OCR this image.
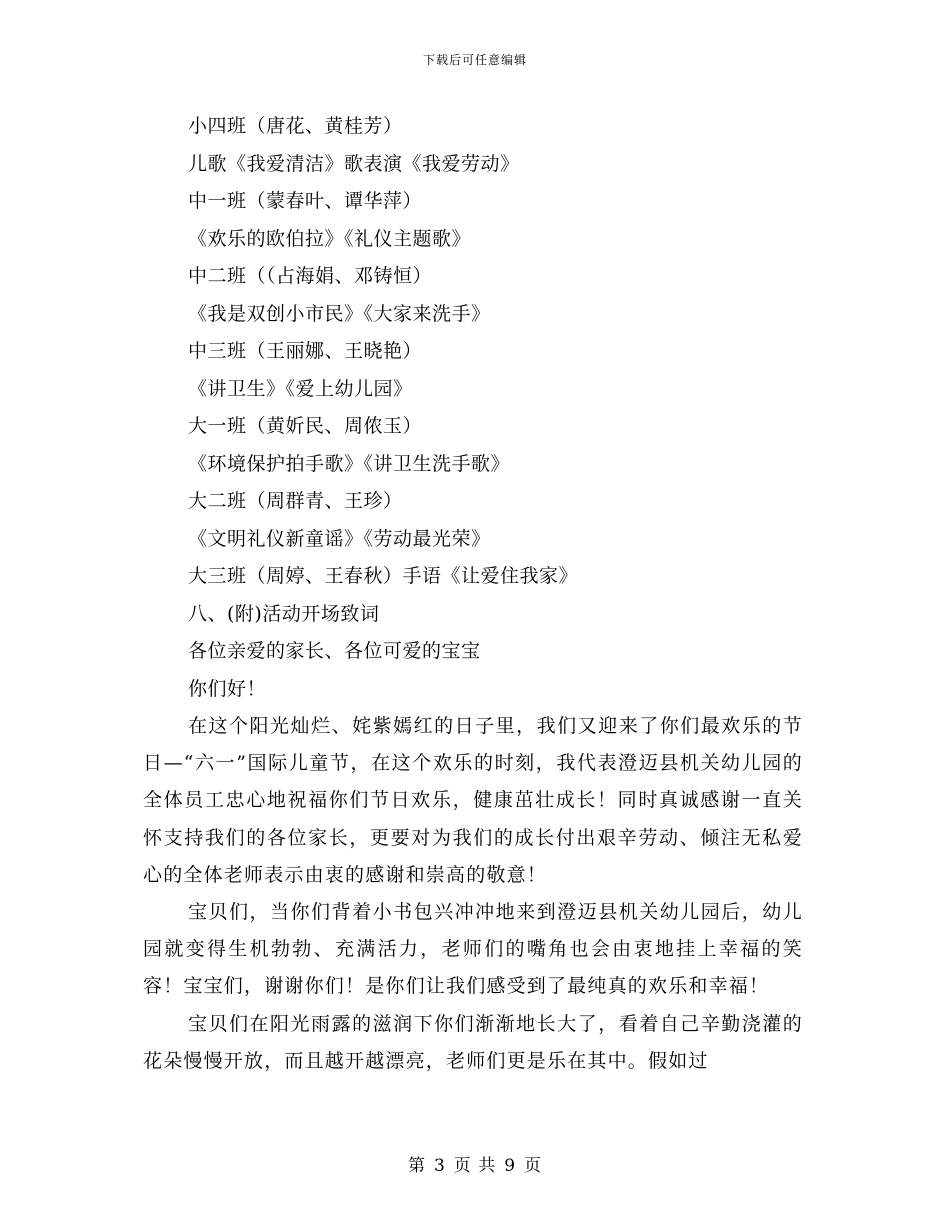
下载后可任意编辑
小四班（唐花、黄桂芳）
儿歌《我爱清洁》歌表演《我爱劳动》
中一班（蒙春叶、谭华萍）
《欢乐的欧伯拉》《礼仪主题歌》
中二班（（占海娟、邓铸恒）
《我是双创小市民》《大家来洗手》
中三班（王丽娜、王晓艳）
《讲卫生》《爱上幼儿园》
大一班（黄妡民、周侬玉）
《环境保护拍手歌》《讲卫生洗手歌》
大二班（周群青、王珍）
《文明礼仪新童谣》《劳动最光荣》
大三班（周婷、王春秋）手语《让爱住我家》
八、(附)活动开场致词
各位亲爱的家长、各位可爱的宝宝
你们好！

在这个阳光灿烂、姹紫嫣红的日子里，我们又迎来了你们最欢乐的节日—“六一”国际儿童节，在这个欢乐的时刻，我代表澄迈县机关幼儿园的全体员工忠心地祝福你们节日欢乐，健康茁壮成长！同时真诚感谢一直关怀支持我们的各位家长，更要对为我们的成长付出艰辛劳动、倾注无私爱心的全体老师表示由衷的感谢和崇高的敬意！

宝贝们，当你们背着小书包兴冲冲地来到澄迈县机关幼儿园后，幼儿园就变得生机勃勃、充满活力，老师们的嘴角也会由衷地挂上幸福的笑容！宝宝们，谢谢你们！是你们让我们感受到了最纯真的欢乐和幸福！

宝贝们在阳光雨露的滋润下你们渐渐地长大了，看着自己辛勤浇灌的花朵慢慢开放，而且越开越漂亮，老师们更是乐在其中。假如过

第 3 页 共 9 页
